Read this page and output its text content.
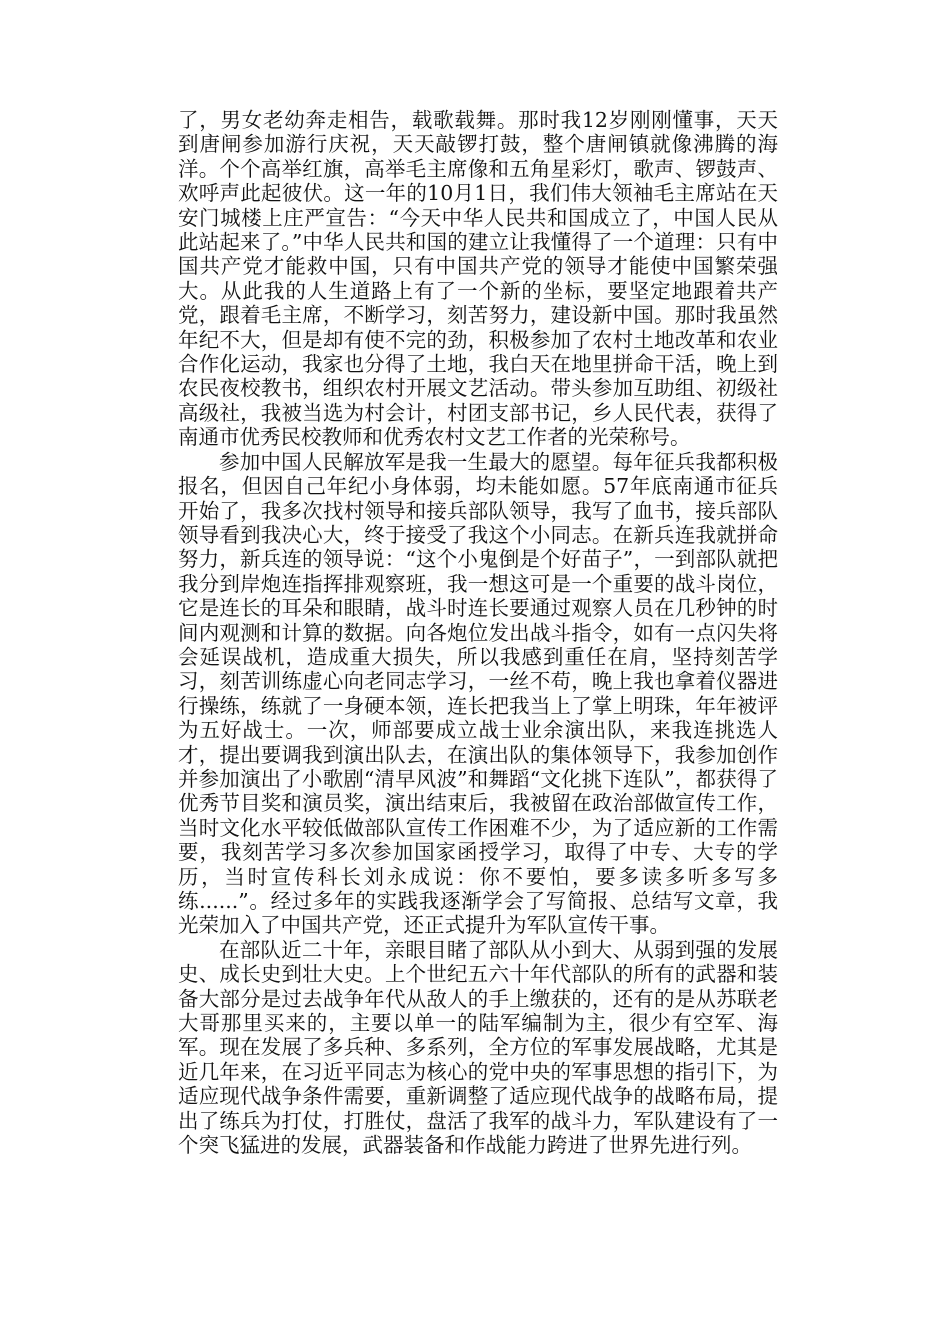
了，男女老幼奔走相告，载歌载舞。那时我12岁刚刚懂事，天天到唐闸参加游行庆祝，天天敲锣打鼓，整个唐闸镇就像沸腾的海洋。个个高举红旗，高举毛主席像和五角星彩灯，歌声、锣鼓声、欢呼声此起彼伏。这一年的10月1日，我们伟大领袖毛主席站在天安门城楼上庄严宣告：“今天中华人民共和国成立了，中国人民从此站起来了。”中华人民共和国的建立让我懂得了一个道理：只有中国共产党才能救中国，只有中国共产党的领导才能使中国繁荣强大。从此我的人生道路上有了一个新的坐标，要坚定地跟着共产党，跟着毛主席，不断学习，刻苦努力，建设新中国。那时我虽然年纪不大，但是却有使不完的劲，积极参加了农村土地改革和农业合作化运动，我家也分得了土地，我白天在地里拼命干活，晚上到农民夜校教书，组织农村开展文艺活动。带头参加互助组、初级社高级社，我被当选为村会计，村团支部书记，乡人民代表，获得了南通市优秀民校教师和优秀农村文艺工作者的光荣称号。

参加中国人民解放军是我一生最大的愿望。每年征兵我都积极报名，但因自己年纪小身体弱，均未能如愿。57年底南通市征兵开始了，我多次找村领导和接兵部队领导，我写了血书，接兵部队领导看到我决心大，终于接受了我这个小同志。在新兵连我就拼命努力，新兵连的领导说：“这个小鬼倒是个好苗子”，一到部队就把我分到岸炮连指挥排观察班，我一想这可是一个重要的战斗岗位，它是连长的耳朵和眼睛，战斗时连长要通过观察人员在几秒钟的时间内观测和计算的数据。向各炮位发出战斗指令，如有一点闪失将会延误战机，造成重大损失，所以我感到重任在肩，坚持刻苦学习，刻苦训练虚心向老同志学习，一丝不苟，晚上我也拿着仪器进行操练，练就了一身硬本领，连长把我当上了掌上明珠，年年被评为五好战士。一次，师部要成立战士业余演出队，来我连挑选人才，提出要调我到演出队去，在演出队的集体领导下，我参加创作并参加演出了小歌剧“清早风波”和舞蹈“文化挑下连队”，都获得了优秀节目奖和演员奖，演出结束后，我被留在政治部做宣传工作，当时文化水平较低做部队宣传工作困难不少，为了适应新的工作需要，我刻苦学习多次参加国家函授学习，取得了中专、大专的学历，当时宣传科长刘永成说：你不要怕，要多读多听多写多练......”。经过多年的实践我逐渐学会了写简报、总结写文章，我光荣加入了中国共产党，还正式提升为军队宣传干事。

在部队近二十年，亲眼目睹了部队从小到大、从弱到强的发展史、成长史到壮大史。上个世纪五六十年代部队的所有的武器和装备大部分是过去战争年代从敌人的手上缴获的，还有的是从苏联老大哥那里买来的，主要以单一的陆军编制为主，很少有空军、海军。现在发展了多兵种、多系列，全方位的军事发展战略，尤其是近几年来，在习近平同志为核心的党中央的军事思想的指引下，为适应现代战争条件需要，重新调整了适应现代战争的战略布局，提出了练兵为打仗，打胜仗，盘活了我军的战斗力，军队建设有了一个突飞猛进的发展，武器装备和作战能力跨进了世界先进行列。
